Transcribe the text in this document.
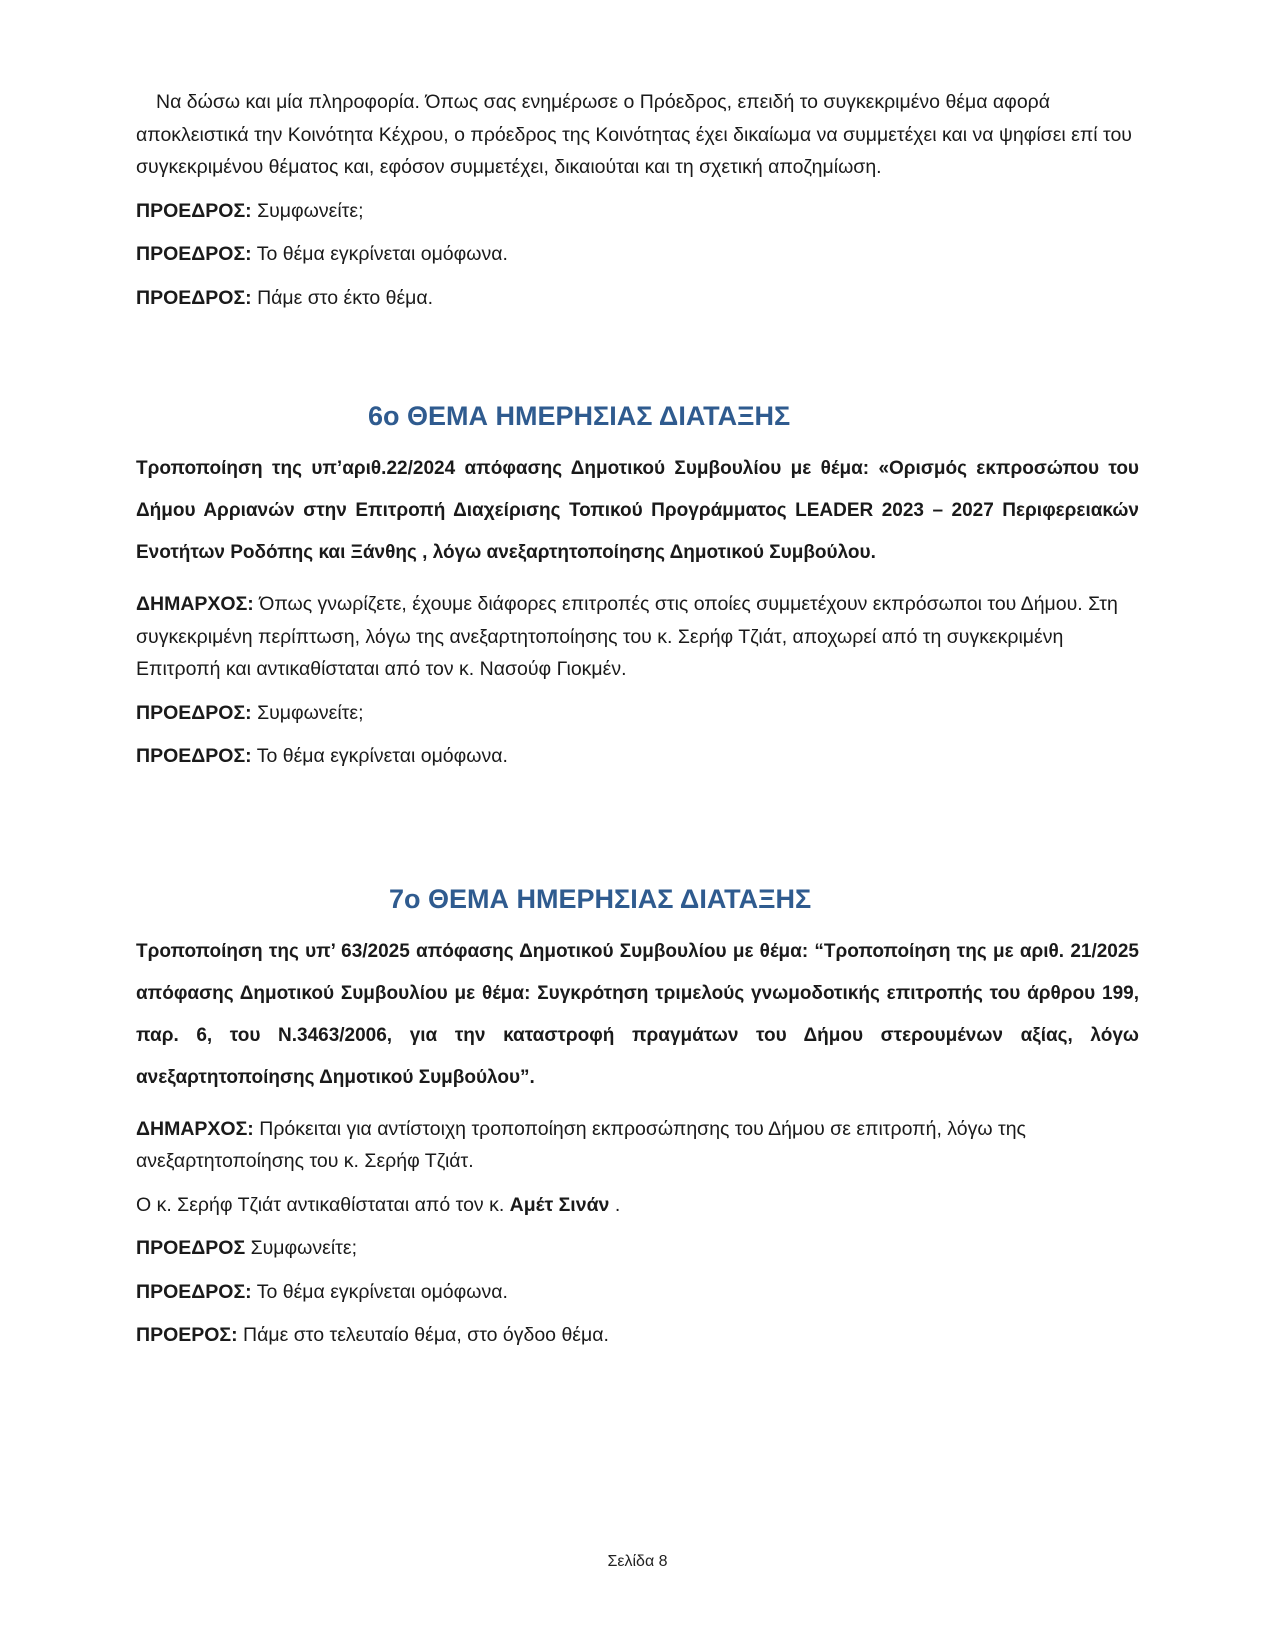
Να δώσω και μία πληροφορία. Όπως σας ενημέρωσε ο Πρόεδρος, επειδή το συγκεκριμένο θέμα αφορά αποκλειστικά την Κοινότητα Κέχρου, ο πρόεδρος της Κοινότητας έχει δικαίωμα να συμμετέχει και να ψηφίσει επί του συγκεκριμένου θέματος και, εφόσον συμμετέχει, δικαιούται και τη σχετική αποζημίωση.

ΠΡΟΕΔΡΟΣ: Συμφωνείτε;

ΠΡΟΕΔΡΟΣ: Το θέμα εγκρίνεται ομόφωνα.

ΠΡΟΕΔΡΟΣ: Πάμε στο έκτο θέμα.

6ο ΘΕΜΑ ΗΜΕΡΗΣΙΑΣ ΔΙΑΤΑΞΗΣ

Τροποποίηση της υπ’αριθ.22/2024 απόφασης Δημοτικού Συμβουλίου με θέμα: «Ορισμός εκπροσώπου του Δήμου Αρριανών στην Επιτροπή Διαχείρισης Τοπικού Προγράμματος LEADER 2023 – 2027 Περιφερειακών Ενοτήτων Ροδόπης και Ξάνθης , λόγω ανεξαρτητοποίησης Δημοτικού Συμβούλου.

ΔΗΜΑΡΧΟΣ: Όπως γνωρίζετε, έχουμε διάφορες επιτροπές στις οποίες συμμετέχουν εκπρόσωποι του Δήμου. Στη συγκεκριμένη περίπτωση, λόγω της ανεξαρτητοποίησης του κ. Σερήφ Τζιάτ, αποχωρεί από τη συγκεκριμένη Επιτροπή και αντικαθίσταται από τον κ. Νασούφ Γιοκμέν.

ΠΡΟΕΔΡΟΣ: Συμφωνείτε;

ΠΡΟΕΔΡΟΣ: Το θέμα εγκρίνεται ομόφωνα.

7ο ΘΕΜΑ ΗΜΕΡΗΣΙΑΣ ΔΙΑΤΑΞΗΣ

Τροποποίηση της υπ’ 63/2025 απόφασης Δημοτικού Συμβουλίου με θέμα: “Τροποποίηση της με αριθ. 21/2025 απόφασης Δημοτικού Συμβουλίου με θέμα: Συγκρότηση τριμελούς γνωμοδοτικής επιτροπής του άρθρου 199, παρ. 6, του Ν.3463/2006, για την καταστροφή πραγμάτων του Δήμου στερουμένων αξίας, λόγω ανεξαρτητοποίησης Δημοτικού Συμβούλου”.

ΔΗΜΑΡΧΟΣ: Πρόκειται για αντίστοιχη τροποποίηση εκπροσώπησης του Δήμου σε επιτροπή, λόγω της ανεξαρτητοποίησης του κ. Σερήφ Τζιάτ.

Ο κ. Σερήφ Τζιάτ αντικαθίσταται από τον κ. Αμέτ Σινάν .

ΠΡΟΕΔΡΟΣ Συμφωνείτε;

ΠΡΟΕΔΡΟΣ: Το θέμα εγκρίνεται ομόφωνα.

ΠΡΟΕΡΟΣ: Πάμε στο τελευταίο θέμα, στο όγδοο θέμα.

Σελίδα 8
